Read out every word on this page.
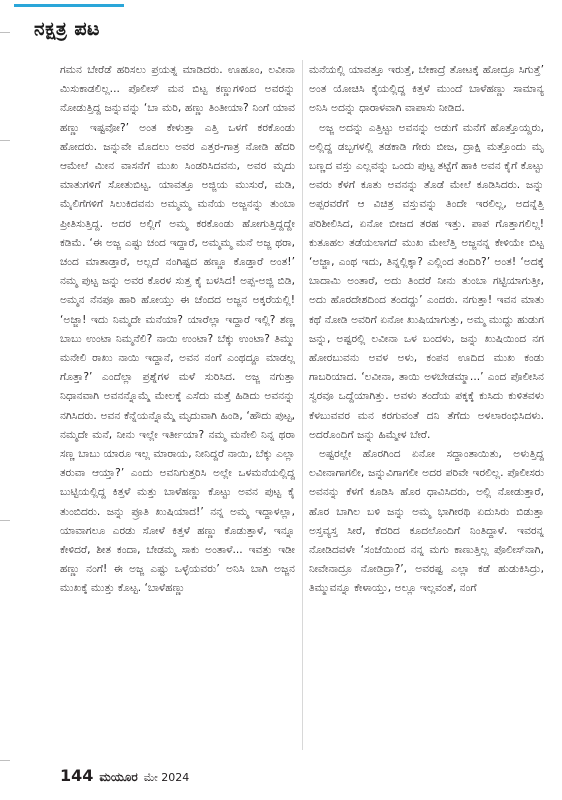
ನಕ್ಷತ್ರ ಪಟ

ಗಮನ ಬೇರೆಡೆ ಹರಿಸಲು ಪ್ರಯತ್ನ ಮಾಡಿದರು. ಊಹೂಂ, ಲವೀನಾ ಮಿಸುಕಾಡಲಿಲ್ಲ... ಪೊಲೀಸ್ ಮನ ಬಿಟ್ಟ ಕಣ್ಣುಗಳಿಂದ ಅವರನ್ನು ನೋಡುತ್ತಿದ್ದ ಜನ್ನುವನ್ನು ‘ಬಾ ಮರಿ, ಹಣ್ಣು ತಿಂತೀಯಾ? ನಿಂಗೆ ಯಾವ ಹಣ್ಣು ಇಷ್ಟವೋ?’ ಅಂತ ಕೇಳುತ್ತಾ ಎತ್ತಿ ಒಳಗೆ ಕರಕೊಂಡು ಹೋದರು. ಜನ್ನುವೇ ಮೊದಲು ಅವರ ಎತ್ತರ-ಗಾತ್ರ ನೋಡಿ ಹೆದರಿ ಆಮೇಲೆ ಮೀನ ವಾಸನೆಗೆ ಮುಖ ಸಿಂಡರಿಸಿದವನು, ಅವರ ಮೃದು ಮಾತುಗಳಿಗೆ ಸೋತುಬಿಟ್ಟ. ಯಾವತ್ತೂ ಅಜ್ಜಿಯ ಮುಸುರೆ, ಮಡಿ, ಮೈಲಿಗೆಗಳಿಗೆ ಸಿಲುಕಿದವನು ಅಮ್ಮಮ್ಮ ಮನೆಯ ಅಜ್ಜನನ್ನು ತುಂಬಾ ಪ್ರೀತಿಸುತ್ತಿದ್ದ. ಅದರ ಅಲ್ಲಿಗೆ ಅಮ್ಮ ಕರಕೊಂಡು ಹೋಗುತ್ತಿದ್ದದ್ದೇ ಕಡಿಮೆ. ‘ಈ ಅಜ್ಜ ಎಷ್ಟು ಚಂದ ಇದ್ದಾರೆ, ಅಮ್ಮಮ್ಮ ಮನೆ ಅಜ್ಜ ಥರಾ, ಚಂದ ಮಾತಾಡ್ತಾರೆ, ಅಲ್ಲದೆ ನಂಗಿಷ್ಟದ ಹಣ್ಣೂ ಕೊಡ್ತಾರೆ ಅಂತ!’ ನಮ್ಮ ಪುಟ್ಟ ಜನ್ನು ಅವರ ಕೊರಳ ಸುತ್ತ ಕೈ ಬಳಸಿದ! ಅಪ್ಪ-ಅಜ್ಜಿ ಬಿಡಿ, ಅಮ್ಮನ ನೆನಪೂ ಹಾರಿ ಹೋಯ್ತು ಈ ಚೆಂದದ ಅಜ್ಜನ ಅಕ್ಕರೆಯಲ್ಲಿ! ‘ಅಜ್ಜಾ! ಇದು ನಿಮ್ಮದೇ ಮನೆಯಾ? ಯಾರೆಲ್ಲಾ ಇದ್ದಾರೆ ಇಲ್ಲಿ? ಶಣ್ಣ ಬಾಬು ಉಂಟಾ ನಿಮ್ಮನೆಲಿ? ನಾಯಿ ಉಂಟಾ? ಬೆಕ್ಕು ಉಂಟಾ? ತಿಮ್ಮು ಮನೇಲಿ ರಾಖು ನಾಯಿ ಇದ್ದಾನೆ, ಅವನ ನಂಗೆ ಎಂಥದ್ದೂ ಮಾಡಲ್ಲ ಗೊತ್ತಾ?’ ಎಂದೆಲ್ಲಾ ಪ್ರಶ್ನೆಗಳ ಮಳೆ ಸುರಿಸಿದ. ಅಜ್ಜ ನಗುತ್ತಾ ನಿಧಾನವಾಗಿ ಅವನನ್ನೊಮ್ಮೆ ಮೇಲಕ್ಕೆ ಎಸೆದು ಮತ್ತೆ ಹಿಡಿದು ಅವನನ್ನು ನಗಿಸಿದರು. ಅವನ ಕೆನ್ನೆಯನ್ನೊಮ್ಮೆ ಮೃದುವಾಗಿ ಹಿಂಡಿ, ‘ಹೌದು ಪುಟ್ಟ, ನಮ್ಮದೇ ಮನೆ, ನೀನು ಇಲ್ಲೇ ಇರ್ತೀಯಾ? ನಮ್ಮ ಮನೇಲಿ ನಿನ್ನ ಥರಾ ಸಣ್ಣ ಬಾಬು ಯಾರೂ ಇಲ್ಲ ಮಾರಾಯ, ನೀನಿದ್ದರೆ ನಾಯಿ, ಬೆಕ್ಕು ಎಲ್ಲಾ ತರುವಾ ಆಯ್ತಾ?’ ಎಂದು ಅವನಿಗುತ್ತರಿಸಿ ಅಲ್ಲೇ ಒಳಮನೆಯಲ್ಲಿದ್ದ ಬುಟ್ಟಿಯಲ್ಲಿದ್ದ ಕಿತ್ತಳೆ ಮತ್ತು ಬಾಳೆಹಣ್ಣು ಕೊಟ್ಟು ಅವನ ಪುಟ್ಟ ಕೈ ತುಂಬಿದರು. ಜನ್ನು ಪ್ರೂತಿ ಖುಷಿಯಾದ!’ ನನ್ನ ಅಮ್ಮ ಇದ್ದಾಳಲ್ಲಾ, ಯಾವಾಗಲೂ ಎರಡು ಸೋಳೆ ಕಿತ್ತಳೆ ಹಣ್ಣು ಕೊಡುತ್ತಾಳೆ, ಇನ್ನೂ ಕೇಳಿದರೆ, ಶೀತ ಕಂದಾ, ಬೇಡಮ್ಮ ಸಾಕು ಅಂತಾಳೆ... ಇವತ್ತು ಇಡೀ ಹಣ್ಣು ನಂಗೆ! ಈ ಅಜ್ಜ ಎಷ್ಟು ಒಳ್ಳೆಯವರು’ ಅನಿಸಿ ಬಾಗಿ ಅಜ್ಜನ ಮುಖಕ್ಕೆ ಮುತ್ತು ಕೊಟ್ಟ. ‘ಬಾಳೆಹಣ್ಣು

ಮನೆಯಲ್ಲಿ ಯಾವತ್ತೂ ಇರುತ್ತೆ, ಬೇಕಾದ್ರೆ ತೋಟಕ್ಕೆ ಹೋದ್ರೂ ಸಿಗುತ್ತೆ’ ಅಂತ ಯೋಚಿಸಿ ಕೈಯಲ್ಲಿದ್ದ ಕಿತ್ತಳೆ ಮುಂದೆ ಬಾಳೆಹಣ್ಣು ಸಾಮಾನ್ಯ ಅನಿಸಿ ಅದನ್ನು ಧಾರಾಳವಾಗಿ ವಾಪಾಸು ನೀಡಿದ.

ಅಜ್ಜ ಅದನ್ನು ಎತ್ತಿಟ್ಟು ಅವನನ್ನು ಅಡುಗೆ ಮನೆಗೆ ಹೊತ್ತೊಯ್ದರು, ಅಲ್ಲಿದ್ದ ಡಬ್ಬಗಳಲ್ಲಿ ತಡಕಾಡಿ ಗೇರು ಬೀಜ, ದ್ರಾಕ್ಷಿ ಮತ್ತೊಂದು ಮೃ ಬಣ್ಣದ ವಸ್ತು ಎಲ್ಲವನ್ನು ಒಂದು ಪುಟ್ಟ ತಟ್ಟೆಗೆ ಹಾಕಿ ಅವನ ಕೈಗೆ ಕೊಟ್ಟು ಅವರು ಕೆಳಗೆ ಕೂತು ಅವನನ್ನು ತೊಡೆ ಮೇಲೆ ಕೂಡಿಸಿದರು. ಜನ್ನು ಅಪ್ಪರವರೆಗೆ ಆ ವಿಚಿತ್ರ ವಸ್ತುವನ್ನು ತಿಂದೇ ಇರಲಿಲ್ಲ, ಅದನ್ನೆತ್ತಿ ಪರಿಶೀಲಿಸಿದ, ಏನೋ ಬೀಜದ ತರಹ ಇತ್ತು. ಪಾಪ ಗೊತ್ತಾಗಲಿಲ್ಲ! ಕುತೂಹಲ ತಡೆಯಲಾಗದೆ ಮುಖ ಮೇಲೆತ್ತಿ ಅಜ್ಜನನ್ನ ಕೇಳಿಯೇ ಬಿಟ್ಟ ‘ಅಜ್ಜಾ, ಎಂಥ ಇದು, ತಿನ್ನಲ್ಲಿಕ್ಕಾ? ಎಲ್ಲಿಂದ ತಂದಿರಿ?’ ಅಂತ! ‘ಅದಕ್ಕೆ ಬಾದಾಮಿ ಅಂತಾರೆ, ಅದು ತಿಂದರೆ ನೀನು ತುಂಬಾ ಗಟ್ಟಿಯಾಗುತ್ತೀ, ಅದು ಹೊರದೇಶದಿಂದ ತಂದದ್ದು’ ಎಂದರು. ನಗುತ್ತಾ! ಇವನ ಮಾತು ಕಥೆ ನೋಡಿ ಅವರಿಗೆ ಏನೋ ಖುಷಿಯಾಗುತ್ತು, ಅಮ್ಮ ಮುದ್ದು ಹುಡುಗ ಜನ್ನು, ಅಷ್ಟರಲ್ಲಿ ಲವೀನಾ ಒಳ ಬಂದಳು, ಜನ್ನು ಖುಷಿಯಿಂದ ನಗ ಹೋರಬುವನು ಅವಳ ಅಳು, ಕಂಪನ ಊದಿದ ಮುಖ ಕಂಡು ಗಾಬರಿಯಾದ. ‘ಲವೀನಾ, ತಾಯಿ ಅಳಬೇಡಮ್ಮಾ...’ ಎಂದ ಪೊಲೀಸಿನ ಸ್ವರವೂ ಒದ್ದೆಯಾಗಿತ್ತು. ಅವಳು ತಂದೆಯ ಪಕ್ಕಕ್ಕೆ ಕುಸಿದು ಕುಳಿತವಳು ಕೆಳಬುವವರ ಮನ ಕರಗುವಂತೆ ದನಿ ತೆಗೆದು ಅಳಲಾರಂಭಿಸಿದಳು. ಅದರೊಂದಿಗೆ ಜನ್ನು ಹಿಮ್ಮೇಳ ಬೇರೆ.

ಅಷ್ಟರಲ್ಲೇ ಹೊರಗಿಂದ ಏನೋ ಸದ್ದಾಂತಾಯಿತು, ಅಳುತ್ತಿದ್ದ ಲವೀನಾಗಾಗಲೀ, ಜನ್ನುವಿಗಾಗಲೀ ಅದರ ಪರಿವೇ ಇರಲಿಲ್ಲ. ಪೊಲೀಸರು ಅವನನ್ನು ಕೆಳಗೆ ಕೂಡಿಸಿ ಹೊರ ಧಾವಿಸಿದರು, ಅಲ್ಲಿ ನೋಡುತ್ತಾರೆ, ಹೊರ ಬಾಗಿಲ ಬಳಿ ಜನ್ನು ಅಮ್ಮ ಭಾಗೀರಥಿ ಏದುಸಿರು ಬಿಡುತ್ತಾ ಅಸ್ತವ್ಯಸ್ತ ಸೀರೆ, ಕೆದರಿದ ಕೂದಲೊಂದಿಗೆ ನಿಂತಿದ್ದಾಳೆ. ಇವರನ್ನ ನೋಡಿದವಳೇ ‘ಸಂಜೆಯಿಂದ ನನ್ನ ಮಗು ಕಾಣುತ್ತಿಲ್ಲ ಪೊಲೀಸ್‌ನಾಗಿ, ನೀವೇನಾದ್ರೂ ನೋಡಿದ್ರಾ?’, ಅವರಷ್ಟ ಎಲ್ಲಾ ಕಡೆ ಹುಡುಕಿಸಿದ್ರು, ತಿಮ್ಮುವನ್ನೂ ಕೇಳಾಯ್ತು, ಅಲ್ಲೂ ಇಲ್ಲವಂತೆ, ನಂಗೆ

144 ಮಯೂರ ಮೇ 2024
